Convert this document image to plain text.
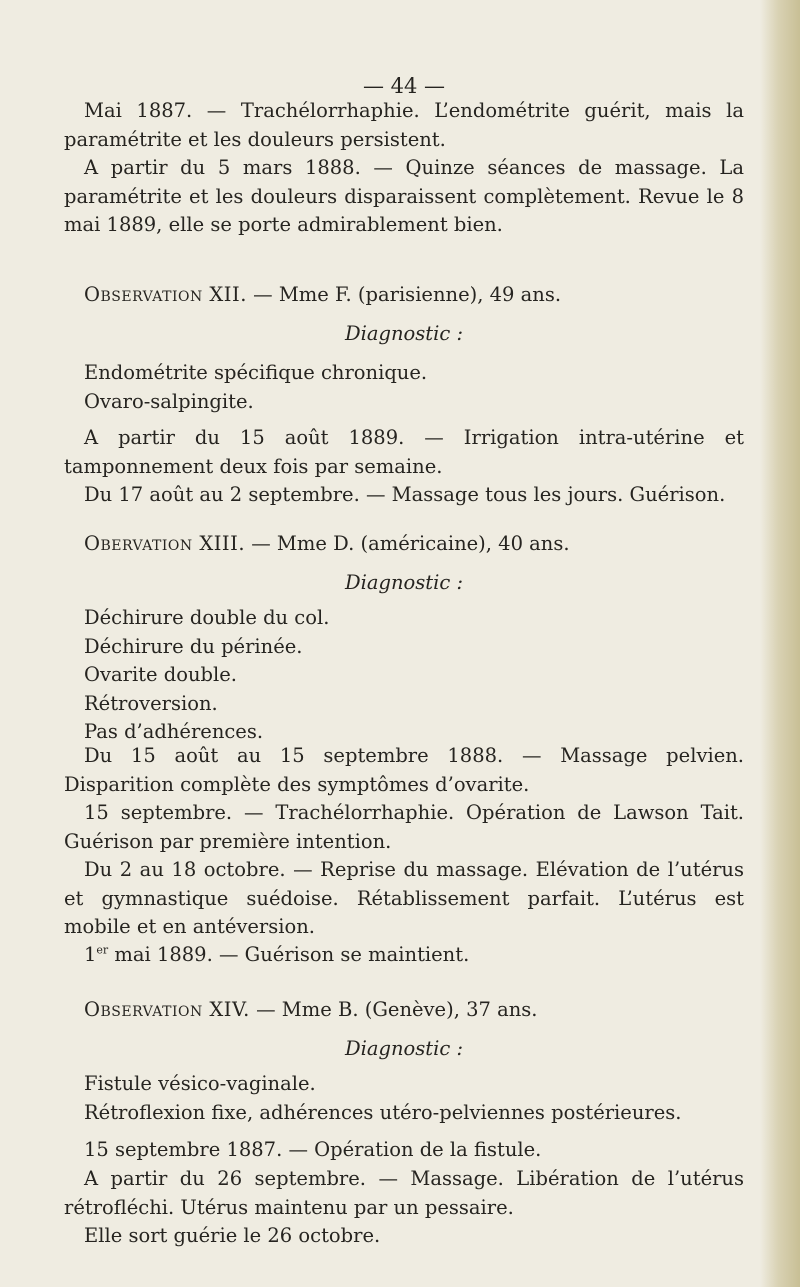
— 44 —

Mai 1887. — Trachélorrhaphie. L’endométrite guérit, mais la paramétrite et les douleurs persistent.

A partir du 5 mars 1888. — Quinze séances de massage. La paramétrite et les douleurs disparaissent complètement. Revue le 8 mai 1889, elle se porte admirablement bien.

Observation XII. — Mme F. (parisienne), 49 ans.

Diagnostic :

Endométrite spécifique chronique.

Ovaro-salpingite.

A partir du 15 août 1889. — Irrigation intra-utérine et tamponnement deux fois par semaine.

Du 17 août au 2 septembre. — Massage tous les jours. Guérison.

Obervation XIII. — Mme D. (américaine), 40 ans.

Diagnostic :

Déchirure double du col.

Déchirure du périnée.

Ovarite double.

Rétroversion.

Pas d’adhérences.

Du 15 août au 15 septembre 1888. — Massage pelvien. Disparition complète des symptômes d’ovarite.

15 septembre. — Trachélorrhaphie. Opération de Lawson Tait. Guérison par première intention.

Du 2 au 18 octobre. — Reprise du massage. Elévation de l’utérus et gymnastique suédoise. Rétablissement parfait. L’utérus est mobile et en antéversion.

1er mai 1889. — Guérison se maintient.

Observation XIV. — Mme B. (Genève), 37 ans.

Diagnostic :

Fistule vésico-vaginale.

Rétroflexion fixe, adhérences utéro-pelviennes postérieures.

15 septembre 1887. — Opération de la fistule.

A partir du 26 septembre. — Massage. Libération de l’utérus rétrofléchi. Utérus maintenu par un pessaire.

Elle sort guérie le 26 octobre.
